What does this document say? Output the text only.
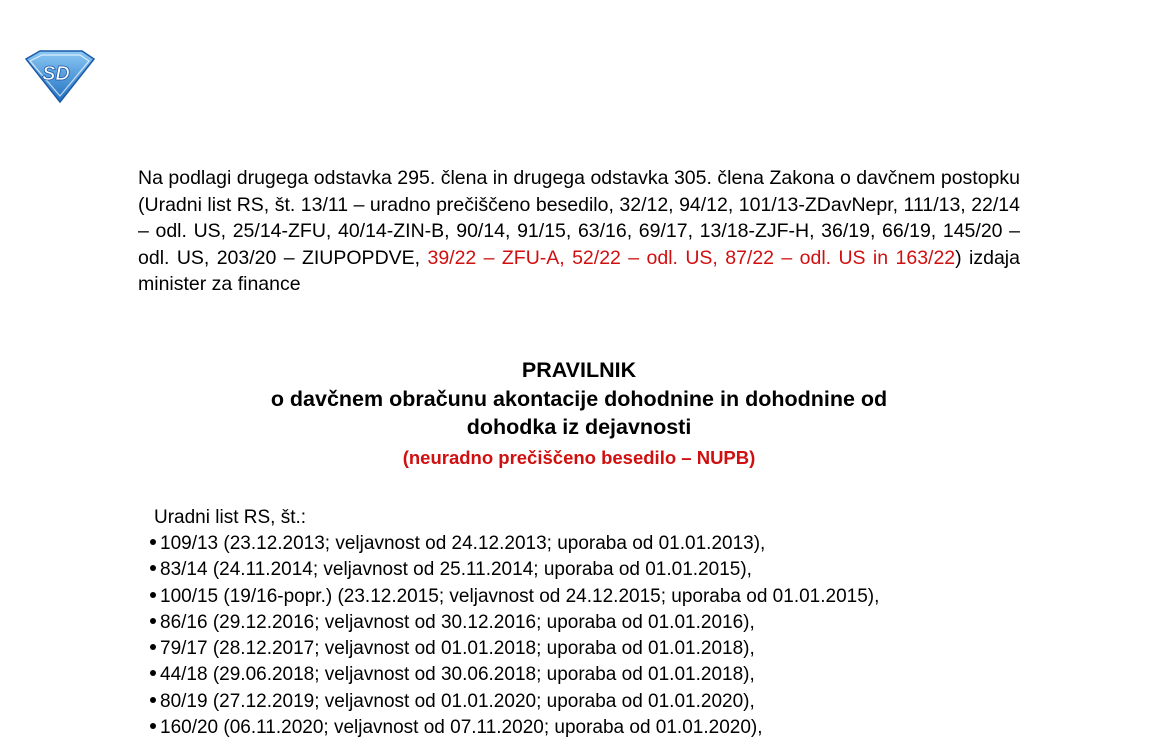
SD
Na podlagi drugega odstavka 295. člena in drugega odstavka 305. člena Zakona o davčnem postopku (Uradni list RS, št. 13/11 – uradno prečiščeno besedilo, 32/12, 94/12, 101/13-ZDavNepr, 111/13, 22/14 – odl. US, 25/14-ZFU, 40/14-ZIN-B, 90/14, 91/15, 63/16, 69/17, 13/18-ZJF-H, 36/19, 66/19, 145/20 – odl. US, 203/20 – ZIUPOPDVE, 39/22 – ZFU-A, 52/22 – odl. US, 87/22 – odl. US in 163/22) izdaja minister za finance
PRAVILNIK
o davčnem obračunu akontacije dohodnine in dohodnine od
dohodka iz dejavnosti
(neuradno prečiščeno besedilo – NUPB)
Uradni list RS, št.:
109/13 (23.12.2013; veljavnost od 24.12.2013; uporaba od 01.01.2013),
83/14 (24.11.2014; veljavnost od 25.11.2014; uporaba od 01.01.2015),
100/15 (19/16-popr.) (23.12.2015; veljavnost od 24.12.2015; uporaba od 01.01.2015),
86/16 (29.12.2016; veljavnost od 30.12.2016; uporaba od 01.01.2016),
79/17 (28.12.2017; veljavnost od 01.01.2018; uporaba od 01.01.2018),
44/18 (29.06.2018; veljavnost od 30.06.2018; uporaba od 01.01.2018),
80/19 (27.12.2019; veljavnost od 01.01.2020; uporaba od 01.01.2020),
160/20 (06.11.2020; veljavnost od 07.11.2020; uporaba od 01.01.2020),
